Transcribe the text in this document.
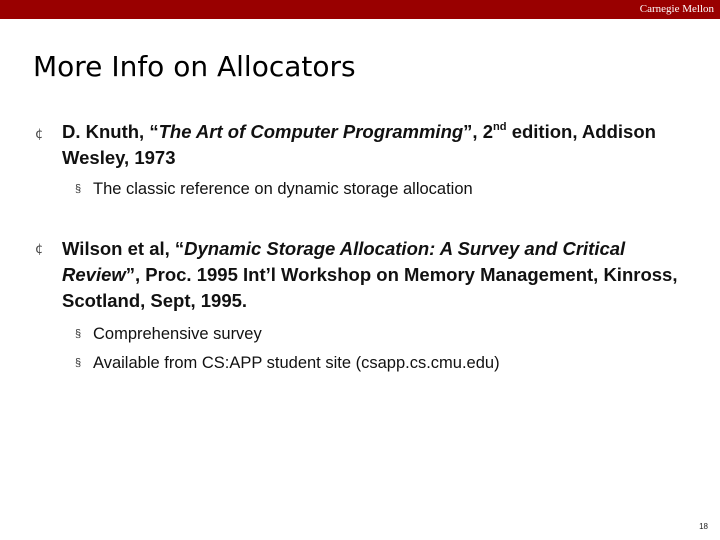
Carnegie Mellon
More Info on Allocators
¢ D. Knuth, “The Art of Computer Programming”, 2nd edition, Addison Wesley, 1973
§ The classic reference on dynamic storage allocation
¢ Wilson et al, “Dynamic Storage Allocation: A Survey and Critical Review”, Proc. 1995 Int’l Workshop on Memory Management, Kinross, Scotland, Sept, 1995.
§ Comprehensive survey
§ Available from CS:APP student site (csapp.cs.cmu.edu)
18
